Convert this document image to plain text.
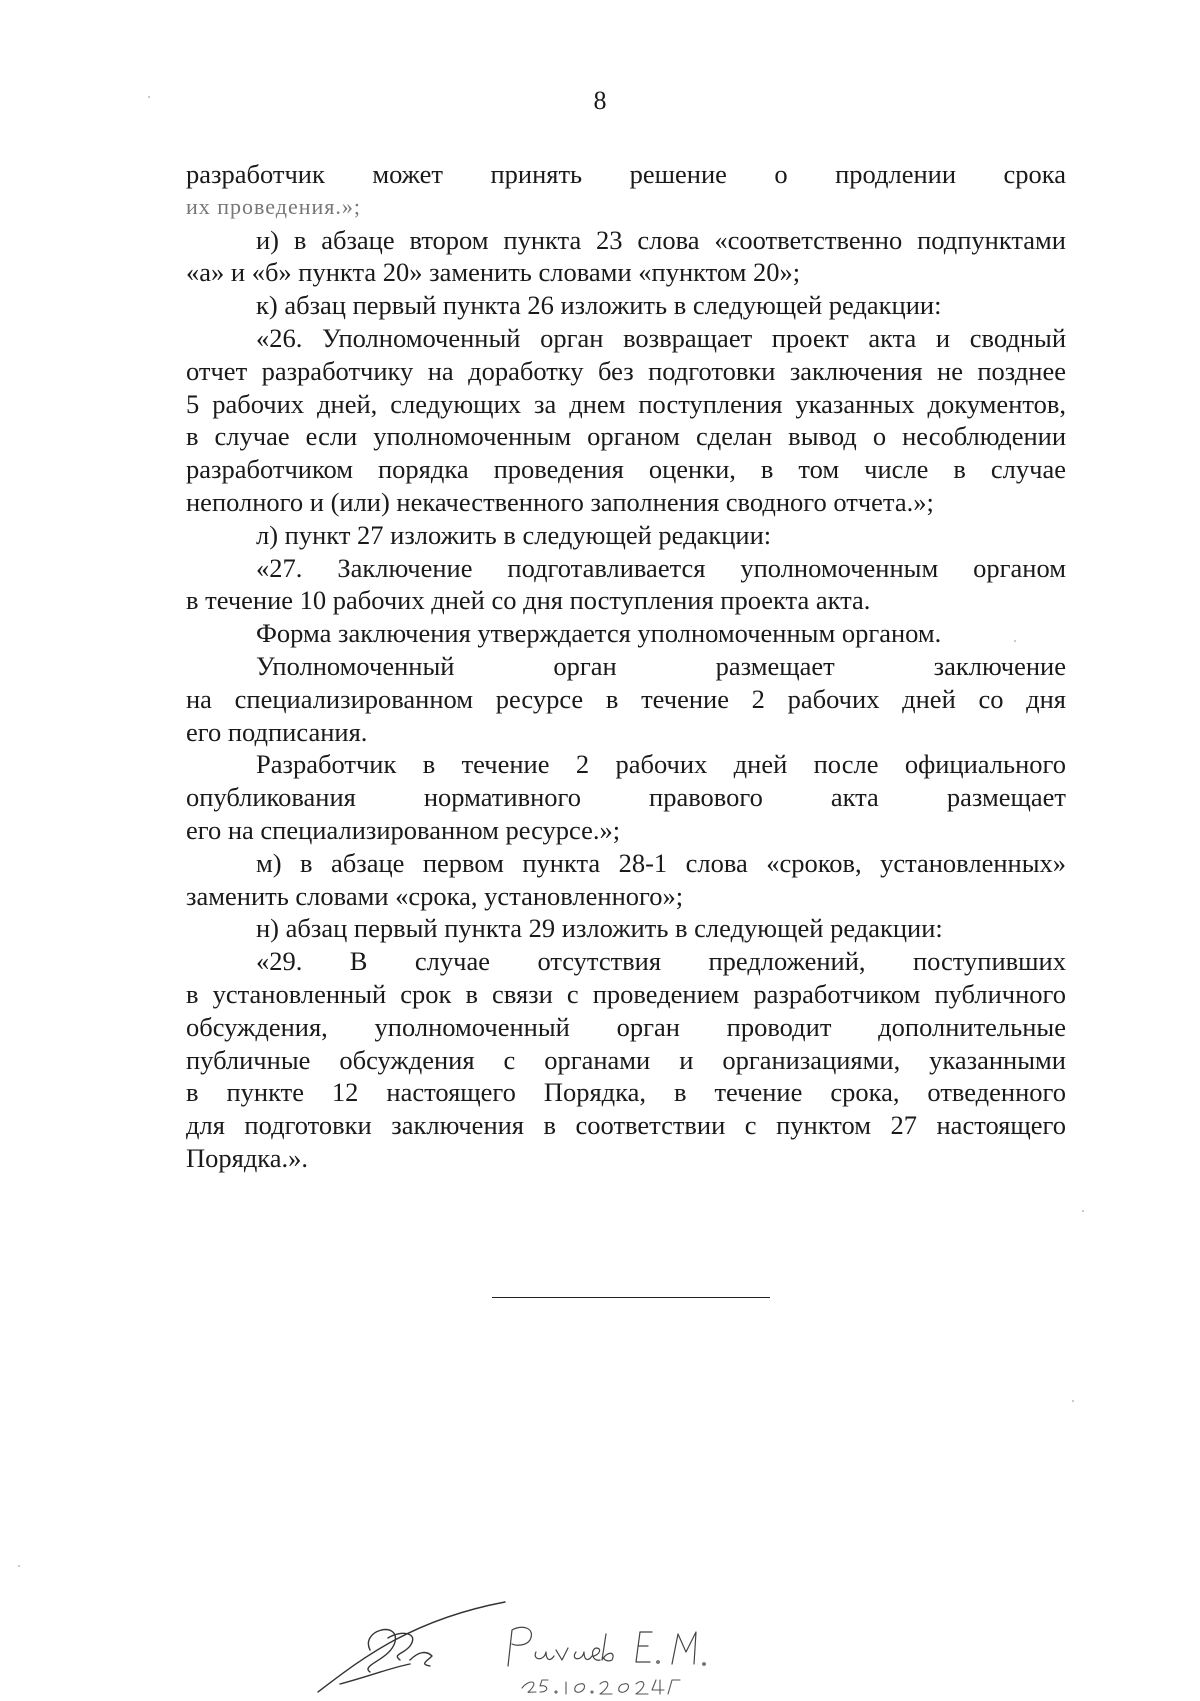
8
разработчик может принять решение о продлении срока
их проведения.»;
и) в абзаце втором пункта 23 слова «соответственно подпунктами
«а» и «б» пункта 20» заменить словами «пунктом 20»;
к) абзац первый пункта 26 изложить в следующей редакции:
«26. Уполномоченный орган возвращает проект акта и сводный
отчет разработчику на доработку без подготовки заключения не позднее
5 рабочих дней, следующих за днем поступления указанных документов,
в случае если уполномоченным органом сделан вывод о несоблюдении
разработчиком порядка проведения оценки, в том числе в случае
неполного и (или) некачественного заполнения сводного отчета.»;
л) пункт 27 изложить в следующей редакции:
«27. Заключение подготавливается уполномоченным органом
в течение 10 рабочих дней со дня поступления проекта акта.
Форма заключения утверждается уполномоченным органом.
Уполномоченный орган размещает заключение
на специализированном ресурсе в течение 2 рабочих дней со дня
его подписания.
Разработчик в течение 2 рабочих дней после официального
опубликования нормативного правового акта размещает
его на специализированном ресурсе.»;
м) в абзаце первом пункта 28-1 слова «сроков, установленных»
заменить словами «срока, установленного»;
н) абзац первый пункта 29 изложить в следующей редакции:
«29. В случае отсутствия предложений, поступивших
в установленный срок в связи с проведением разработчиком публичного
обсуждения, уполномоченный орган проводит дополнительные
публичные обсуждения с органами и организациями, указанными
в пункте 12 настоящего Порядка, в течение срока, отведенного
для подготовки заключения в соответствии с пунктом 27 настоящего
Порядка.».
